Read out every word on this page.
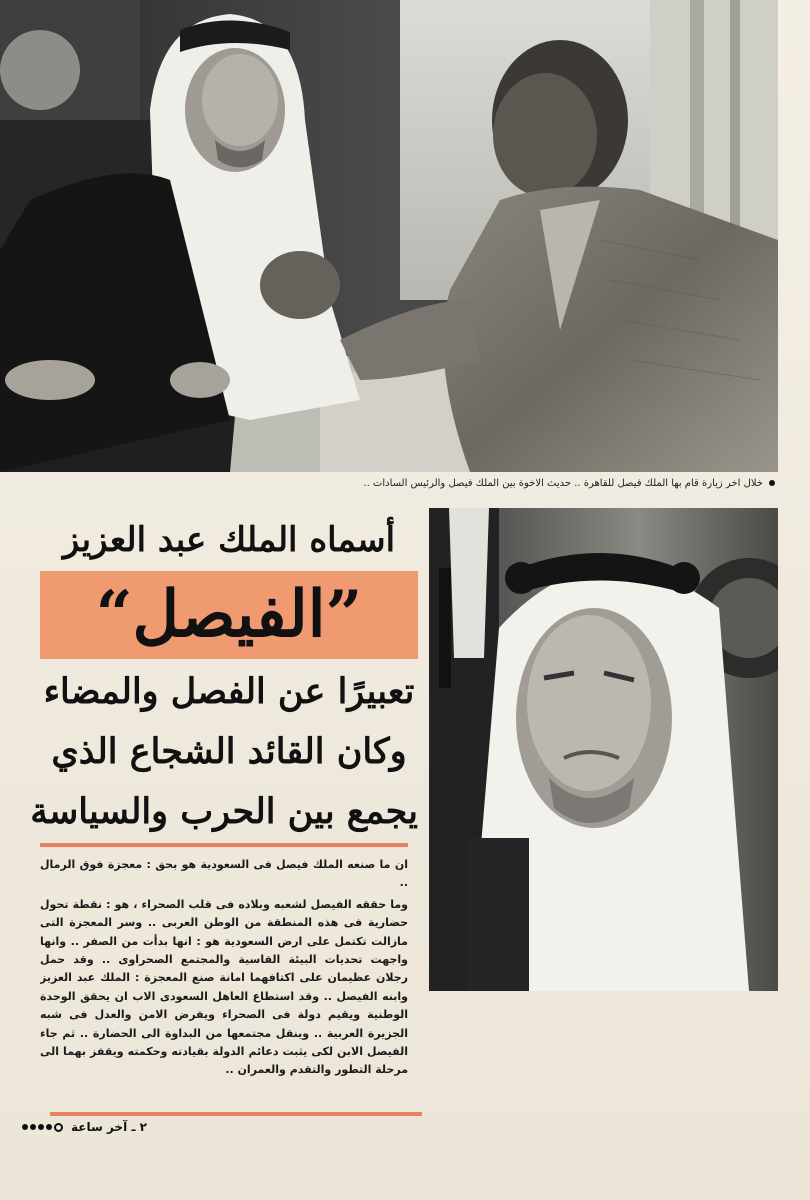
خلال اخر زيارة قام بها الملك فيصل للقاهرة .. حديث الاخوة بين الملك فيصل والرئيس السادات ..
أسماه الملك عبد العزيز
”الفيصل“
تعبيرًا عن الفصل والمضاء
وكان القائد الشجاع الذي
يجمع بين الحرب والسياسة

ان ما صنعه الملك فيصل فى السعودية هو بحق : معجزة فوق الرمال ..

وما حققه الفيصل لشعبه وبلاده فى قلب الصحراء ، هو : نقطة تحول حضارية فى هذه المنطقة من الوطن العربى .. وسر المعجزة التى مازالت تكتمل على ارض السعودية هو : انها بدأت من الصفر .. وانها واجهت تحديات البيئة القاسية والمجتمع الصحراوى .. وقد حمل رجلان عظيمان على اكتافهما امانة صنع المعجزة : الملك عبد العزيز وابنه الفيصل .. وقد استطاع العاهل السعودى الاب ان يحقق الوحدة الوطنية ويقيم دولة فى الصحراء ويفرض الامن والعدل فى شبه الجزيرة العربية .. وينقل مجتمعها من البداوة الى الحضارة .. ثم جاء الفيصل الابن لكى يثبت دعائم الدولة بقيادته وحكمته ويقفز بهما الى مرحلة التطور والتقدم والعمران ..

٢ ـ آخر ساعة
